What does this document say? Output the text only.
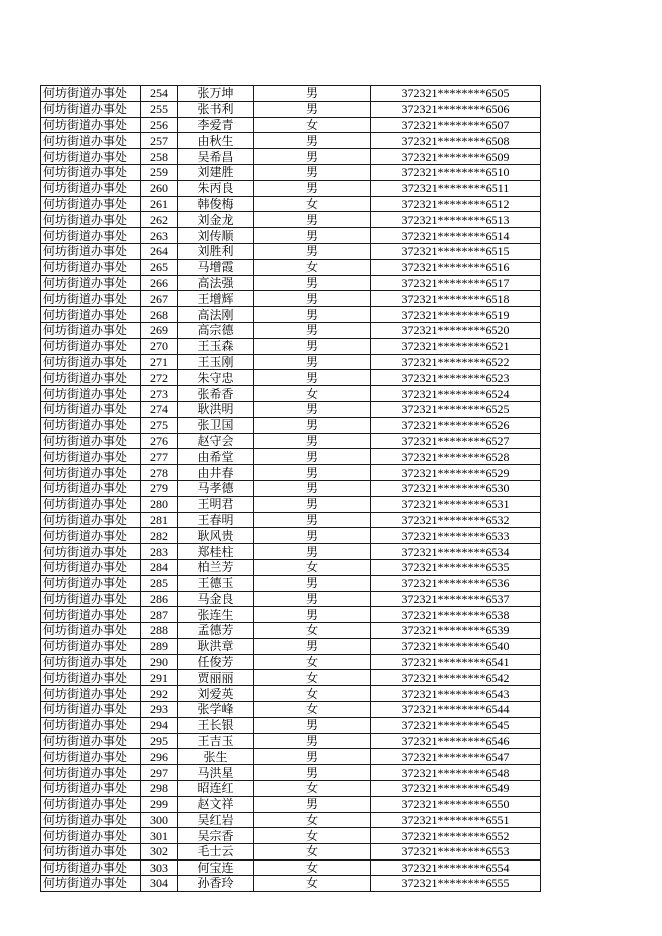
何坊街道办事处	254	张万坤	男	372321********6505
何坊街道办事处	255	张书利	男	372321********6506
何坊街道办事处	256	李爱青	女	372321********6507
何坊街道办事处	257	由秋生	男	372321********6508
何坊街道办事处	258	吴希昌	男	372321********6509
何坊街道办事处	259	刘建胜	男	372321********6510
何坊街道办事处	260	朱丙良	男	372321********6511
何坊街道办事处	261	韩俊梅	女	372321********6512
何坊街道办事处	262	刘金龙	男	372321********6513
何坊街道办事处	263	刘传顺	男	372321********6514
何坊街道办事处	264	刘胜利	男	372321********6515
何坊街道办事处	265	马增霞	女	372321********6516
何坊街道办事处	266	高法强	男	372321********6517
何坊街道办事处	267	王增辉	男	372321********6518
何坊街道办事处	268	高法刚	男	372321********6519
何坊街道办事处	269	高宗德	男	372321********6520
何坊街道办事处	270	王玉森	男	372321********6521
何坊街道办事处	271	王玉刚	男	372321********6522
何坊街道办事处	272	朱守忠	男	372321********6523
何坊街道办事处	273	张希香	女	372321********6524
何坊街道办事处	274	耿洪明	男	372321********6525
何坊街道办事处	275	张卫国	男	372321********6526
何坊街道办事处	276	赵守会	男	372321********6527
何坊街道办事处	277	由希堂	男	372321********6528
何坊街道办事处	278	由井春	男	372321********6529
何坊街道办事处	279	马孝德	男	372321********6530
何坊街道办事处	280	王明君	男	372321********6531
何坊街道办事处	281	王春明	男	372321********6532
何坊街道办事处	282	耿风贵	男	372321********6533
何坊街道办事处	283	郑桂柱	男	372321********6534
何坊街道办事处	284	柏兰芳	女	372321********6535
何坊街道办事处	285	王德玉	男	372321********6536
何坊街道办事处	286	马金良	男	372321********6537
何坊街道办事处	287	张连生	男	372321********6538
何坊街道办事处	288	孟德芳	女	372321********6539
何坊街道办事处	289	耿洪章	男	372321********6540
何坊街道办事处	290	任俊芳	女	372321********6541
何坊街道办事处	291	贾丽丽	女	372321********6542
何坊街道办事处	292	刘爱英	女	372321********6543
何坊街道办事处	293	张学峰	女	372321********6544
何坊街道办事处	294	王长银	男	372321********6545
何坊街道办事处	295	王吉玉	男	372321********6546
何坊街道办事处	296	张生	男	372321********6547
何坊街道办事处	297	马洪星	男	372321********6548
何坊街道办事处	298	昭连红	女	372321********6549
何坊街道办事处	299	赵文祥	男	372321********6550
何坊街道办事处	300	吴红岩	女	372321********6551
何坊街道办事处	301	吴宗香	女	372321********6552
何坊街道办事处	302	毛士云	女	372321********6553
何坊街道办事处	303	何宝连	女	372321********6554
何坊街道办事处	304	孙香玲	女	372321********6555
